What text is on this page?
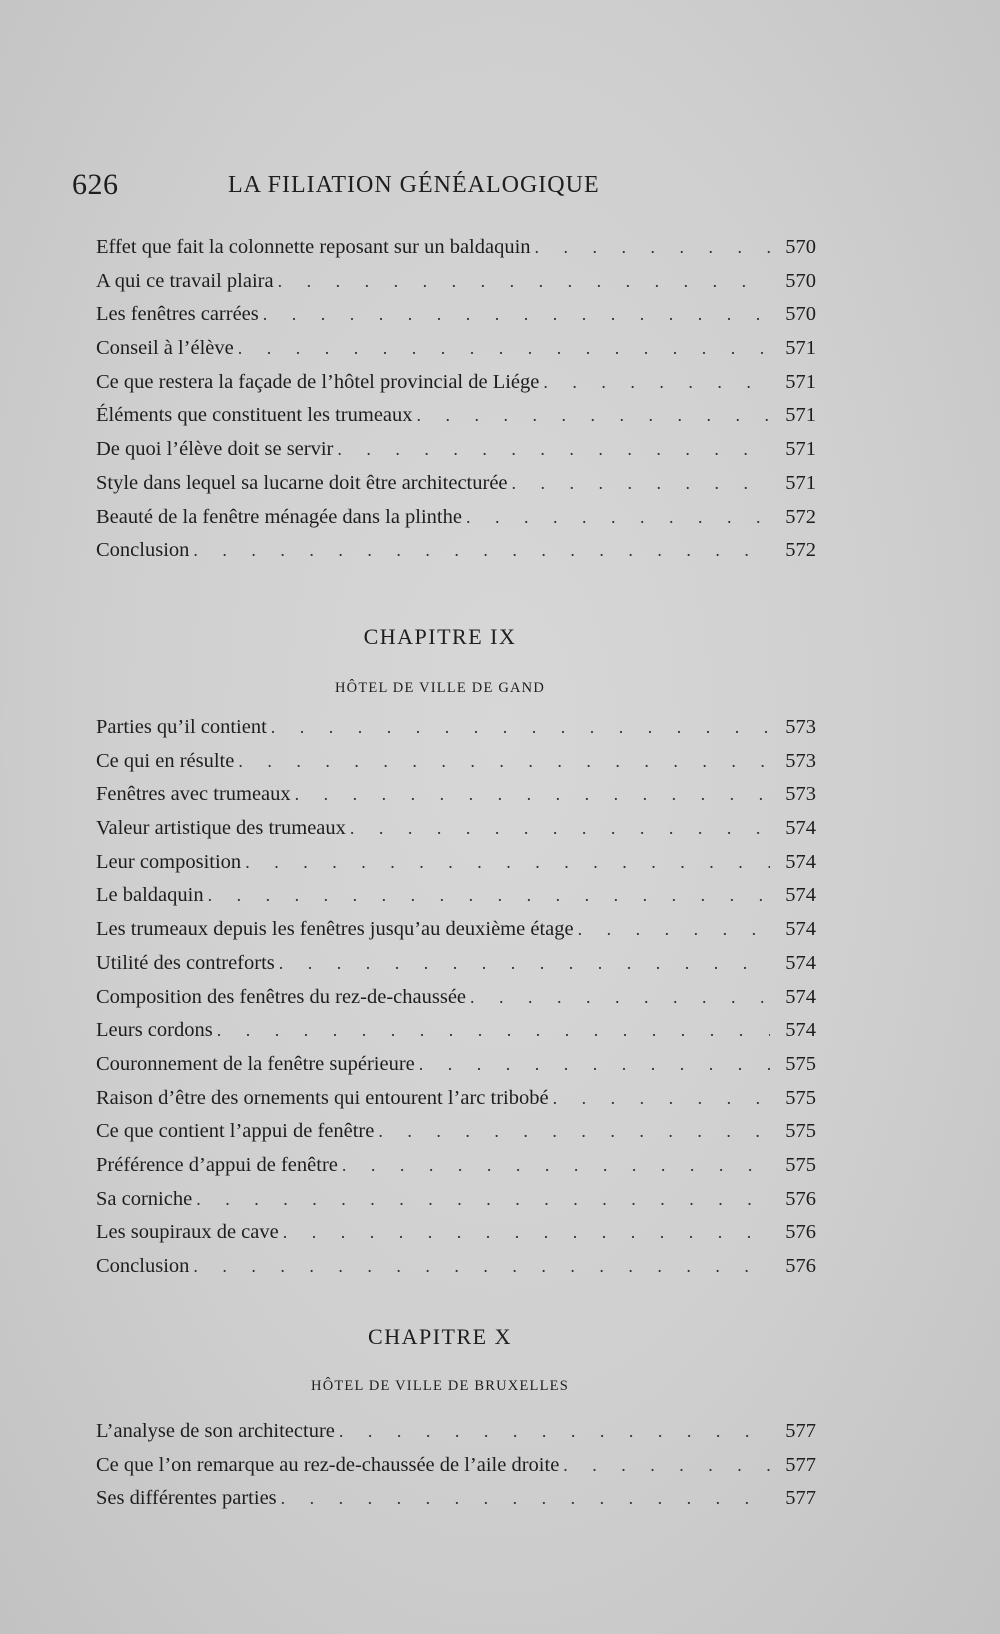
626	LA FILIATION GÉNÉALOGIQUE
Effet que fait la colonnette reposant sur un baldaquin . . .	570
A qui ce travail plaira . . .	570
Les fenêtres carrées . . .	570
Conseil à l’élève . . .	571
Ce que restera la façade de l’hôtel provincial de Liége . . .	571
Éléments que constituent les trumeaux . . .	571
De quoi l’élève doit se servir . . .	571
Style dans lequel sa lucarne doit être architecturée . . .	571
Beauté de la fenêtre ménagée dans la plinthe . . .	572
Conclusion . . .	572
CHAPITRE IX
HÔTEL DE VILLE DE GAND
Parties qu’il contient . . .	573
Ce qui en résulte . . .	573
Fenêtres avec trumeaux . . .	573
Valeur artistique des trumeaux . . .	574
Leur composition . . .	574
Le baldaquin . . .	574
Les trumeaux depuis les fenêtres jusqu’au deuxième étage . . .	574
Utilité des contreforts . . .	574
Composition des fenêtres du rez-de-chaussée . . .	574
Leurs cordons . . .	574
Couronnement de la fenêtre supérieure . . .	575
Raison d’être des ornements qui entourent l’arc tribobé . . .	575
Ce que contient l’appui de fenêtre . . .	575
Préférence d’appui de fenêtre . . .	575
Sa corniche . . .	576
Les soupiraux de cave . . .	576
Conclusion . . .	576
CHAPITRE X
HÔTEL DE VILLE DE BRUXELLES
L’analyse de son architecture . . .	577
Ce que l’on remarque au rez-de-chaussée de l’aile droite . . .	577
Ses différentes parties . . .	577
